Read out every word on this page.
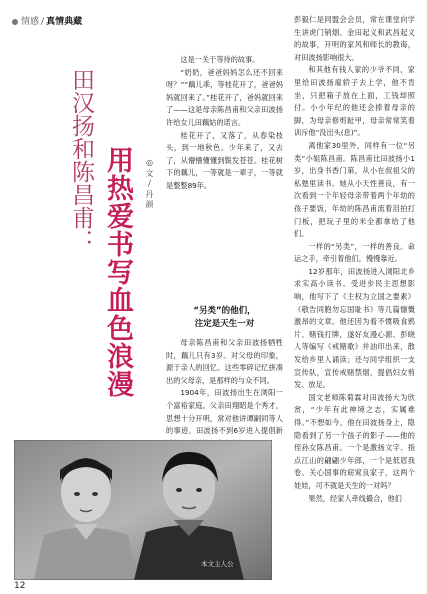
情感 / 真情典藏
田汉扬和陈昌甫： 用热爱书写血色浪漫 ◎文/丹颜

这是一关于等待的故事。

“奶奶，爸爸妈妈怎么还不回来呀？”“藕儿乖，等桂花开了，爸爸妈妈就回来了。”桂花开了，爸妈就回来了——这是母亲陈昌甫和父亲田波扬许给女儿田藕姑的诺言。

桂花开了，又落了，从春染枝头，到一地秋色。少年来了，又去了，从懵懵懂懂到鬓发苍苍。桂花树下的藕儿，一等就是一辈子，一等就是整整89年。

“另类”的他们，
注定是天生一对

母亲陈昌甫和父亲田波扬牺牲时，藕儿只有3岁。对父母的印象，源于亲人的回忆。这些零碎记忆拼凑出的父母亲，是那样的与众不同。

1904年，田波扬出生在浏阳一个富裕家庭。父亲田翔昭是个秀才，思想十分开明，常对他讲谭嗣同等人的事迹。田波扬不到6岁进入提倡新

彭毅仁是同盟会会员，常在课堂向学生讲虎门销烟、金田起义和武昌起义的故事，开明的家风和师长的教诲，对田波扬影响很大。

和其他有钱人家的少爷不同，家里给田波扬雇轿子去上学，他不肯坐，只把箱子放在上面，工钱却照付。小小年纪的他还会捧着母亲的脚，为母亲修剪趾甲，母亲常常笑着训斥他“没出头(息)”。

离他家30里外，同样有一位“另类”小姐陈昌甫。陈昌甫比田波扬小1岁，出身书香门第，从小在叔祖父的私塾里读书。她从小天性善良，有一次看到一个年轻母亲带着两个年幼的孩子要饭，年幼的陈昌甫流着泪拍打门板，把玩子里的米全都拿给了他们。

一样的“另类”，一样的善良。命运之手，牵引着他们，慢慢靠近。

12岁那年，田波扬进入浏阳北乡求实高小读书。受进步民主思想影响，他写下了《主权为立国之要素》《敬告同胞勿忘国耻书》等几篇慷慨激昂的文章。他还因为看不惯吸食鸦片、赌钱打牌，遂好友漫心源、彭晓人等编写《戒赌歌》并油印出来，散发给乡里人诵读；还与同学组织一支宣传队，宣传戒赌禁烟，提倡妇女剪发、放足。

国文老师陈菊霖对田波扬大为欣赏，“少年有此神境之志，实属难得。”不想如今，他在田波扬身上，隐隐看到了另一个孩子的影子——他的侄孙女陈昌甫。一个是激扬文字、指点江山的翩翩少年郎，一个是低眉我卷、关心国事的窈窕良家子，这两个娃娃，可不就是天生的一对吗？

果然，经家人牵线撮合，他们

本文主人公
12
